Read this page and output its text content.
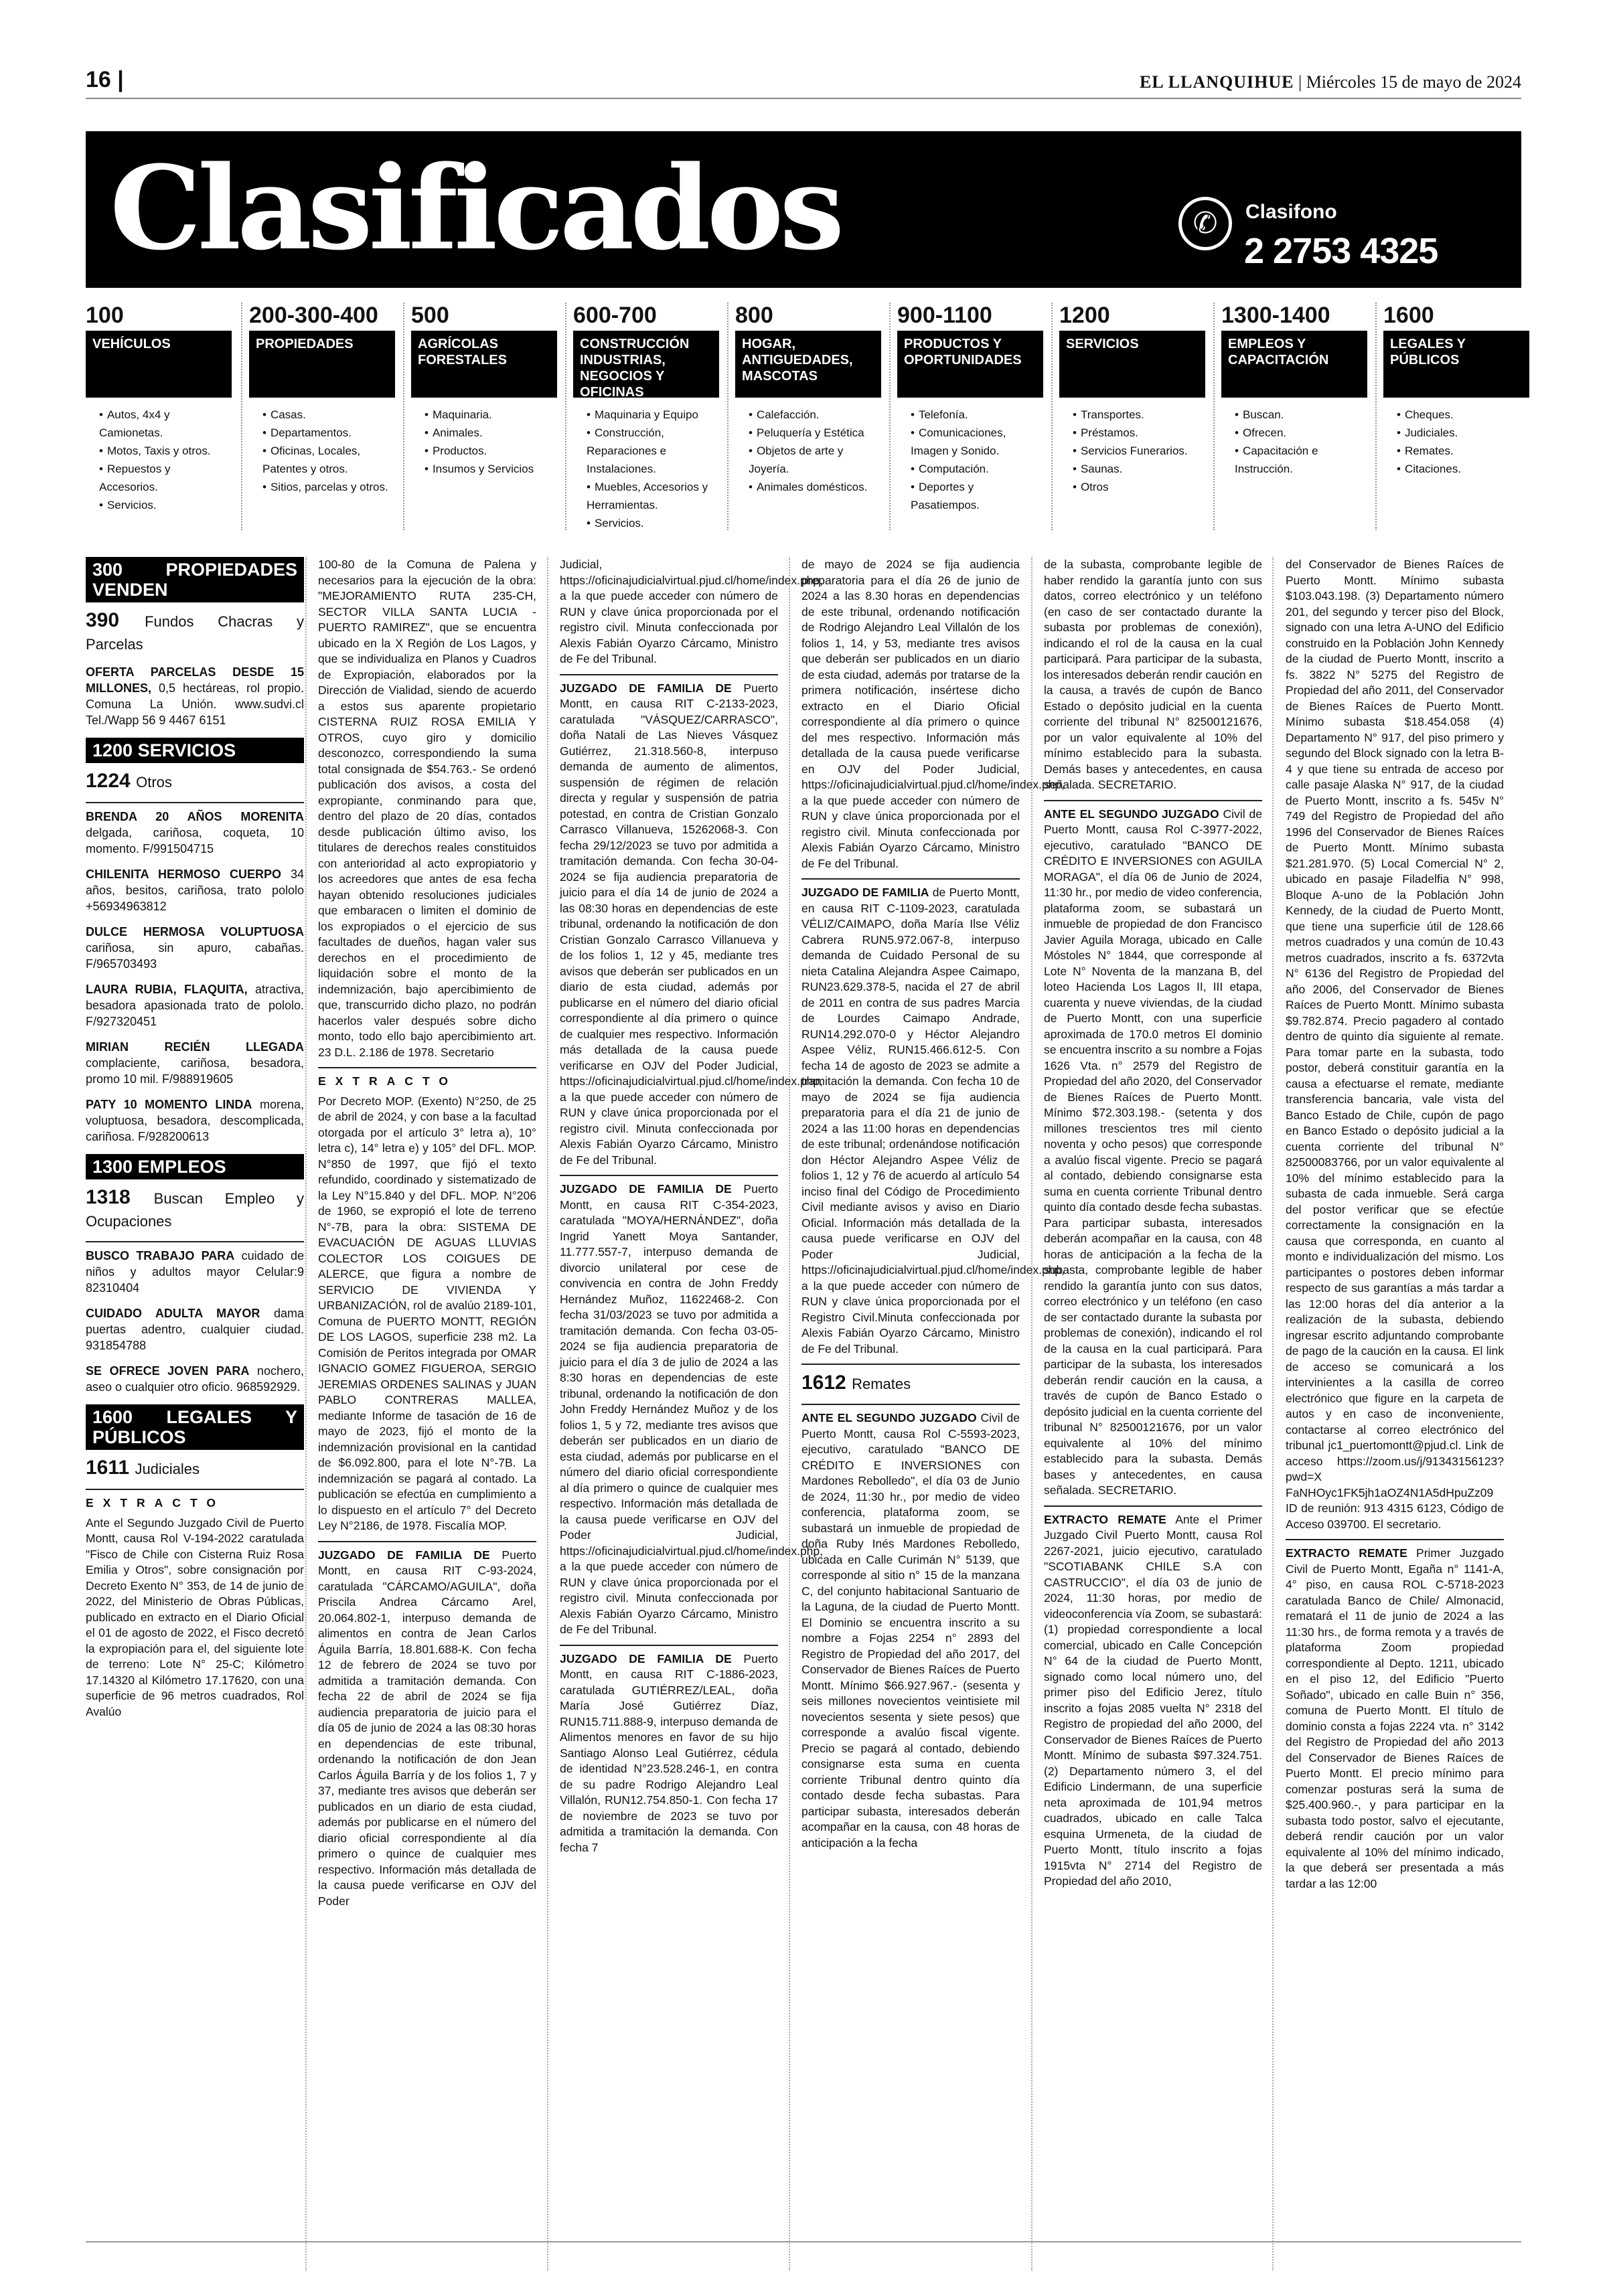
16 |	EL LLANQUIHUE | Miércoles 15 de mayo de 2024
Clasificados	✆	Clasifono
2 2753 4325
100
VEHÍCULOS
• Autos, 4x4 y Camionetas.
• Motos, Taxis y otros.
• Repuestos y Accesorios.
• Servicios.
200-300-400
PROPIEDADES
• Casas.
• Departamentos.
• Oficinas, Locales, Patentes y otros.
• Sitios, parcelas y otros.
500
AGRÍCOLAS FORESTALES
• Maquinaria.
• Animales.
• Productos.
• Insumos y Servicios
600-700
CONSTRUCCIÓN INDUSTRIAS, NEGOCIOS Y OFICINAS
• Maquinaria y Equipo
• Construcción, Reparaciones e Instalaciones.
• Muebles, Accesorios y Herramientas.
• Servicios.
800
HOGAR, ANTIGUEDADES, MASCOTAS
• Calefacción.
• Peluquería y Estética
• Objetos de arte y Joyería.
• Animales domésticos.
900-1100
PRODUCTOS Y OPORTUNIDADES
• Telefonía.
• Comunicaciones, Imagen y Sonido.
• Computación.
• Deportes y Pasatiempos.
1200
SERVICIOS
• Transportes.
• Préstamos.
• Servicios Funerarios.
• Saunas.
• Otros
1300-1400
EMPLEOS Y CAPACITACIÓN
• Buscan.
• Ofrecen.
• Capacitación e Instrucción.
1600
LEGALES Y PÚBLICOS
• Cheques.
• Judiciales.
• Remates.
• Citaciones.
300 PROPIEDADES VENDEN
390 Fundos Chacras y Parcelas
OFERTA PARCELAS DESDE 15 MILLONES, 0,5 hectáreas, rol propio. Comuna La Unión. www.sudvi.cl Tel./Wapp 56 9 4467 6151
1200 SERVICIOS
1224 Otros
BRENDA 20 AÑOS MORENITA delgada, cariñosa, coqueta, 10 momento. F/991504715
CHILENITA HERMOSO CUERPO 34 años, besitos, cariñosa, trato pololo +56934963812
DULCE HERMOSA VOLUPTUOSA cariñosa, sin apuro, cabañas. F/965703493
LAURA RUBIA, FLAQUITA, atractiva, besadora apasionada trato de pololo. F/927320451
MIRIAN RECIÉN LLEGADA complaciente, cariñosa, besadora, promo 10 mil. F/988919605
PATY 10 MOMENTO LINDA morena, voluptuosa, besadora, descomplicada, cariñosa. F/928200613
1300 EMPLEOS
1318 Buscan Empleo y Ocupaciones
BUSCO TRABAJO PARA cuidado de niños y adultos mayor Celular:9 82310404
CUIDADO ADULTA MAYOR dama puertas adentro, cualquier ciudad. 931854788
SE OFRECE JOVEN PARA nochero, aseo o cualquier otro oficio. 968592929.
1600 LEGALES Y PÚBLICOS
1611 Judiciales
EXTRACTO
Ante el Segundo Juzgado Civil de Puerto Montt, causa Rol V-194-2022 caratulada "Fisco de Chile con Cisterna Ruiz Rosa Emilia y Otros", sobre consignación por Decreto Exento N° 353, de 14 de junio de 2022, del Ministerio de Obras Públicas, publicado en extracto en el Diario Oficial el 01 de agosto de 2022, el Fisco decretó la expropiación para el, del siguiente lote de terreno: Lote N° 25-C; Kilómetro 17.14320 al Kilómetro 17.17620, con una superficie de 96 metros cuadrados, Rol Avalúo
100-80 de la Comuna de Palena y necesarios para la ejecución de la obra: "MEJORAMIENTO RUTA 235-CH, SECTOR VILLA SANTA LUCIA - PUERTO RAMIREZ", que se encuentra ubicado en la X Región de Los Lagos, y que se individualiza en Planos y Cuadros de Expropiación, elaborados por la Dirección de Vialidad, siendo de acuerdo a estos sus aparente propietario CISTERNA RUIZ ROSA EMILIA Y OTROS, cuyo giro y domicilio desconozco, correspondiendo la suma total consignada de $54.763.- Se ordenó publicación dos avisos, a costa del expropiante, conminando para que, dentro del plazo de 20 días, contados desde publicación último aviso, los titulares de derechos reales constituidos con anterioridad al acto expropiatorio y los acreedores que antes de esa fecha hayan obtenido resoluciones judiciales que embaracen o limiten el dominio de los expropiados o el ejercicio de sus facultades de dueños, hagan valer sus derechos en el procedimiento de liquidación sobre el monto de la indemnización, bajo apercibimiento de que, transcurrido dicho plazo, no podrán hacerlos valer después sobre dicho monto, todo ello bajo apercibimiento art. 23 D.L. 2.186 de 1978. Secretario
EXTRACTO
Por Decreto MOP. (Exento) N°250, de 25 de abril de 2024, y con base a la facultad otorgada por el artículo 3° letra a), 10° letra c), 14° letra e) y 105° del DFL. MOP. N°850 de 1997, que fijó el texto refundido, coordinado y sistematizado de la Ley N°15.840 y del DFL. MOP. N°206 de 1960, se expropió el lote de terreno N°-7B, para la obra: SISTEMA DE EVACUACIÓN DE AGUAS LLUVIAS COLECTOR LOS COIGUES DE ALERCE, que figura a nombre de SERVICIO DE VIVIENDA Y URBANIZACIÓN, rol de avalúo 2189-101, Comuna de PUERTO MONTT, REGIÓN DE LOS LAGOS, superficie 238 m2. La Comisión de Peritos integrada por OMAR IGNACIO GOMEZ FIGUEROA, SERGIO JEREMIAS ORDENES SALINAS y JUAN PABLO CONTRERAS MALLEA, mediante Informe de tasación de 16 de mayo de 2023, fijó el monto de la indemnización provisional en la cantidad de $6.092.800, para el lote N°-7B. La indemnización se pagará al contado. La publicación se efectúa en cumplimiento a lo dispuesto en el artículo 7° del Decreto Ley N°2186, de 1978. Fiscalía MOP.
JUZGADO DE FAMILIA DE Puerto Montt, en causa RIT C-93-2024, caratulada "CÁRCAMO/AGUILA", doña Priscila Andrea Cárcamo Arel, 20.064.802-1, interpuso demanda de alimentos en contra de Jean Carlos Águila Barría, 18.801.688-K. Con fecha 12 de febrero de 2024 se tuvo por admitida a tramitación demanda. Con fecha 22 de abril de 2024 se fija audiencia preparatoria de juicio para el día 05 de junio de 2024 a las 08:30 horas en dependencias de este tribunal, ordenando la notificación de don Jean Carlos Águila Barría y de los folios 1, 7 y 37, mediante tres avisos que deberán ser publicados en un diario de esta ciudad, además por publicarse en el número del diario oficial correspondiente al día primero o quince de cualquier mes respectivo. Información más detallada de la causa puede verificarse en OJV del Poder
Judicial, https://oficinajudicialvirtual.pjud.cl/home/index.php, a la que puede acceder con número de RUN y clave única proporcionada por el registro civil. Minuta confeccionada por Alexis Fabián Oyarzo Cárcamo, Ministro de Fe del Tribunal.
JUZGADO DE FAMILIA DE Puerto Montt, en causa RIT C-2133-2023, caratulada "VÁSQUEZ/CARRASCO", doña Natali de Las Nieves Vásquez Gutiérrez, 21.318.560-8, interpuso demanda de aumento de alimentos, suspensión de régimen de relación directa y regular y suspensión de patria potestad, en contra de Cristian Gonzalo Carrasco Villanueva, 15262068-3. Con fecha 29/12/2023 se tuvo por admitida a tramitación demanda. Con fecha 30-04-2024 se fija audiencia preparatoria de juicio para el día 14 de junio de 2024 a las 08:30 horas en dependencias de este tribunal, ordenando la notificación de don Cristian Gonzalo Carrasco Villanueva y de los folios 1, 12 y 45, mediante tres avisos que deberán ser publicados en un diario de esta ciudad, además por publicarse en el número del diario oficial correspondiente al día primero o quince de cualquier mes respectivo. Información más detallada de la causa puede verificarse en OJV del Poder Judicial, https://oficinajudicialvirtual.pjud.cl/home/index.php, a la que puede acceder con número de RUN y clave única proporcionada por el registro civil. Minuta confeccionada por Alexis Fabián Oyarzo Cárcamo, Ministro de Fe del Tribunal.
JUZGADO DE FAMILIA DE Puerto Montt, en causa RIT C-354-2023, caratulada "MOYA/HERNÁNDEZ", doña Ingrid Yanett Moya Santander, 11.777.557-7, interpuso demanda de divorcio unilateral por cese de convivencia en contra de John Freddy Hernández Muñoz, 11622468-2. Con fecha 31/03/2023 se tuvo por admitida a tramitación demanda. Con fecha 03-05-2024 se fija audiencia preparatoria de juicio para el día 3 de julio de 2024 a las 8:30 horas en dependencias de este tribunal, ordenando la notificación de don John Freddy Hernández Muñoz y de los folios 1, 5 y 72, mediante tres avisos que deberán ser publicados en un diario de esta ciudad, además por publicarse en el número del diario oficial correspondiente al día primero o quince de cualquier mes respectivo. Información más detallada de la causa puede verificarse en OJV del Poder Judicial, https://oficinajudicialvirtual.pjud.cl/home/index.php, a la que puede acceder con número de RUN y clave única proporcionada por el registro civil. Minuta confeccionada por Alexis Fabián Oyarzo Cárcamo, Ministro de Fe del Tribunal.
JUZGADO DE FAMILIA DE Puerto Montt, en causa RIT C-1886-2023, caratulada GUTIÉRREZ/LEAL, doña María José Gutiérrez Díaz, RUN15.711.888-9, interpuso demanda de Alimentos menores en favor de su hijo Santiago Alonso Leal Gutiérrez, cédula de identidad N°23.528.246-1, en contra de su padre Rodrigo Alejandro Leal Villalón, RUN12.754.850-1. Con fecha 17 de noviembre de 2023 se tuvo por admitida a tramitación la demanda. Con fecha 7
de mayo de 2024 se fija audiencia preparatoria para el día 26 de junio de 2024 a las 8.30 horas en dependencias de este tribunal, ordenando notificación de Rodrigo Alejandro Leal Villalón de los folios 1, 14, y 53, mediante tres avisos que deberán ser publicados en un diario de esta ciudad, además por tratarse de la primera notificación, insértese dicho extracto en el Diario Oficial correspondiente al día primero o quince del mes respectivo. Información más detallada de la causa puede verificarse en OJV del Poder Judicial, https://oficinajudicialvirtual.pjud.cl/home/index.php, a la que puede acceder con número de RUN y clave única proporcionada por el registro civil. Minuta confeccionada por Alexis Fabián Oyarzo Cárcamo, Ministro de Fe del Tribunal.
JUZGADO DE FAMILIA de Puerto Montt, en causa RIT C-1109-2023, caratulada VÉLIZ/CAIMAPO, doña María Ilse Véliz Cabrera RUN5.972.067-8, interpuso demanda de Cuidado Personal de su nieta Catalina Alejandra Aspee Caimapo, RUN23.629.378-5, nacida el 27 de abril de 2011 en contra de sus padres Marcia de Lourdes Caimapo Andrade, RUN14.292.070-0 y Héctor Alejandro Aspee Véliz, RUN15.466.612-5. Con fecha 14 de agosto de 2023 se admite a tramitación la demanda. Con fecha 10 de mayo de 2024 se fija audiencia preparatoria para el día 21 de junio de 2024 a las 11:00 horas en dependencias de este tribunal; ordenándose notificación don Héctor Alejandro Aspee Véliz de folios 1, 12 y 76 de acuerdo al artículo 54 inciso final del Código de Procedimiento Civil mediante avisos y aviso en Diario Oficial. Información más detallada de la causa puede verificarse en OJV del Poder Judicial, https://oficinajudicialvirtual.pjud.cl/home/index.php, a la que puede acceder con número de RUN y clave única proporcionada por el Registro Civil.Minuta confeccionada por Alexis Fabián Oyarzo Cárcamo, Ministro de Fe del Tribunal.
1612 Remates
ANTE EL SEGUNDO JUZGADO Civil de Puerto Montt, causa Rol C-5593-2023, ejecutivo, caratulado "BANCO DE CRÉDITO E INVERSIONES con Mardones Rebolledo", el día 03 de Junio de 2024, 11:30 hr., por medio de video conferencia, plataforma zoom, se subastará un inmueble de propiedad de doña Ruby Inés Mardones Rebolledo, ubicada en Calle Curimán N° 5139, que corresponde al sitio n° 15 de la manzana C, del conjunto habitacional Santuario de la Laguna, de la ciudad de Puerto Montt. El Dominio se encuentra inscrito a su nombre a Fojas 2254 n° 2893 del Registro de Propiedad del año 2017, del Conservador de Bienes Raíces de Puerto Montt. Mínimo $66.927.967.- (sesenta y seis millones novecientos veintisiete mil novecientos sesenta y siete pesos) que corresponde a avalúo fiscal vigente. Precio se pagará al contado, debiendo consignarse esta suma en cuenta corriente Tribunal dentro quinto día contado desde fecha subastas. Para participar subasta, interesados deberán acompañar en la causa, con 48 horas de anticipación a la fecha
de la subasta, comprobante legible de haber rendido la garantía junto con sus datos, correo electrónico y un teléfono (en caso de ser contactado durante la subasta por problemas de conexión), indicando el rol de la causa en la cual participará. Para participar de la subasta, los interesados deberán rendir caución en la causa, a través de cupón de Banco Estado o depósito judicial en la cuenta corriente del tribunal N° 82500121676, por un valor equivalente al 10% del mínimo establecido para la subasta. Demás bases y antecedentes, en causa señalada. SECRETARIO.
ANTE EL SEGUNDO JUZGADO Civil de Puerto Montt, causa Rol C-3977-2022, ejecutivo, caratulado "BANCO DE CRÉDITO E INVERSIONES con AGUILA MORAGA", el día 06 de Junio de 2024, 11:30 hr., por medio de video conferencia, plataforma zoom, se subastará un inmueble de propiedad de don Francisco Javier Aguila Moraga, ubicado en Calle Móstoles N° 1844, que corresponde al Lote N° Noventa de la manzana B, del loteo Hacienda Los Lagos II, III etapa, cuarenta y nueve viviendas, de la ciudad de Puerto Montt, con una superficie aproximada de 170.0 metros El dominio se encuentra inscrito a su nombre a Fojas 1626 Vta. n° 2579 del Registro de Propiedad del año 2020, del Conservador de Bienes Raíces de Puerto Montt. Mínimo $72.303.198.- (setenta y dos millones trescientos tres mil ciento noventa y ocho pesos) que corresponde a avalúo fiscal vigente. Precio se pagará al contado, debiendo consignarse esta suma en cuenta corriente Tribunal dentro quinto día contado desde fecha subastas. Para participar subasta, interesados deberán acompañar en la causa, con 48 horas de anticipación a la fecha de la subasta, comprobante legible de haber rendido la garantía junto con sus datos, correo electrónico y un teléfono (en caso de ser contactado durante la subasta por problemas de conexión), indicando el rol de la causa en la cual participará. Para participar de la subasta, los interesados deberán rendir caución en la causa, a través de cupón de Banco Estado o depósito judicial en la cuenta corriente del tribunal N° 82500121676, por un valor equivalente al 10% del mínimo establecido para la subasta. Demás bases y antecedentes, en causa señalada. SECRETARIO.
EXTRACTO REMATE Ante el Primer Juzgado Civil Puerto Montt, causa Rol 2267-2021, juicio ejecutivo, caratulado "SCOTIABANK CHILE S.A con CASTRUCCIO", el día 03 de junio de 2024, 11:30 horas, por medio de videoconferencia vía Zoom, se subastará: (1) propiedad correspondiente a local comercial, ubicado en Calle Concepción N° 64 de la ciudad de Puerto Montt, signado como local número uno, del primer piso del Edificio Jerez, título inscrito a fojas 2085 vuelta N° 2318 del Registro de propiedad del año 2000, del Conservador de Bienes Raíces de Puerto Montt. Mínimo de subasta $97.324.751. (2) Departamento número 3, el del Edificio Lindermann, de una superficie neta aproximada de 101,94 metros cuadrados, ubicado en calle Talca esquina Urmeneta, de la ciudad de Puerto Montt, título inscrito a fojas 1915vta N° 2714 del Registro de Propiedad del año 2010,
del Conservador de Bienes Raíces de Puerto Montt. Mínimo subasta $103.043.198. (3) Departamento número 201, del segundo y tercer piso del Block, signado con una letra A-UNO del Edificio construido en la Población John Kennedy de la ciudad de Puerto Montt, inscrito a fs. 3822 N° 5275 del Registro de Propiedad del año 2011, del Conservador de Bienes Raíces de Puerto Montt. Mínimo subasta $18.454.058 (4) Departamento N° 917, del piso primero y segundo del Block signado con la letra B-4 y que tiene su entrada de acceso por calle pasaje Alaska N° 917, de la ciudad de Puerto Montt, inscrito a fs. 545v N° 749 del Registro de Propiedad del año 1996 del Conservador de Bienes Raíces de Puerto Montt. Mínimo subasta $21.281.970. (5) Local Comercial N° 2, ubicado en pasaje Filadelfia N° 998, Bloque A-uno de la Población John Kennedy, de la ciudad de Puerto Montt, que tiene una superficie útil de 128.66 metros cuadrados y una común de 10.43 metros cuadrados, inscrito a fs. 6372vta N° 6136 del Registro de Propiedad del año 2006, del Conservador de Bienes Raíces de Puerto Montt. Mínimo subasta $9.782.874. Precio pagadero al contado dentro de quinto día siguiente al remate. Para tomar parte en la subasta, todo postor, deberá constituir garantía en la causa a efectuarse el remate, mediante transferencia bancaria, vale vista del Banco Estado de Chile, cupón de pago en Banco Estado o depósito judicial a la cuenta corriente del tribunal N° 82500083766, por un valor equivalente al 10% del mínimo establecido para la subasta de cada inmueble. Será carga del postor verificar que se efectúe correctamente la consignación en la causa que corresponda, en cuanto al monto e individualización del mismo. Los participantes o postores deben informar respecto de sus garantías a más tardar a las 12:00 horas del día anterior a la realización de la subasta, debiendo ingresar escrito adjuntando comprobante de pago de la caución en la causa. El link de acceso se comunicará a los intervinientes a la casilla de correo electrónico que figure en la carpeta de autos y en caso de inconveniente, contactarse al correo electrónico del tribunal jc1_puertomontt@pjud.cl. Link de acceso https://zoom.us/j/91343156123?pwd=X FaNHOyc1FK5jh1aOZ4N1A5dHpuZz09 ID de reunión: 913 4315 6123, Código de Acceso 039700. El secretario.
EXTRACTO REMATE Primer Juzgado Civil de Puerto Montt, Egaña n° 1141-A, 4° piso, en causa ROL C-5718-2023 caratulada Banco de Chile/ Almonacid, rematará el 11 de junio de 2024 a las 11:30 hrs., de forma remota y a través de plataforma Zoom propiedad correspondiente al Depto. 1211, ubicado en el piso 12, del Edificio "Puerto Soñado", ubicado en calle Buin n° 356, comuna de Puerto Montt. El título de dominio consta a fojas 2224 vta. n° 3142 del Registro de Propiedad del año 2013 del Conservador de Bienes Raíces de Puerto Montt. El precio mínimo para comenzar posturas será la suma de $25.400.960.-, y para participar en la subasta todo postor, salvo el ejecutante, deberá rendir caución por un valor equivalente al 10% del mínimo indicado, la que deberá ser presentada a más tardar a las 12:00
